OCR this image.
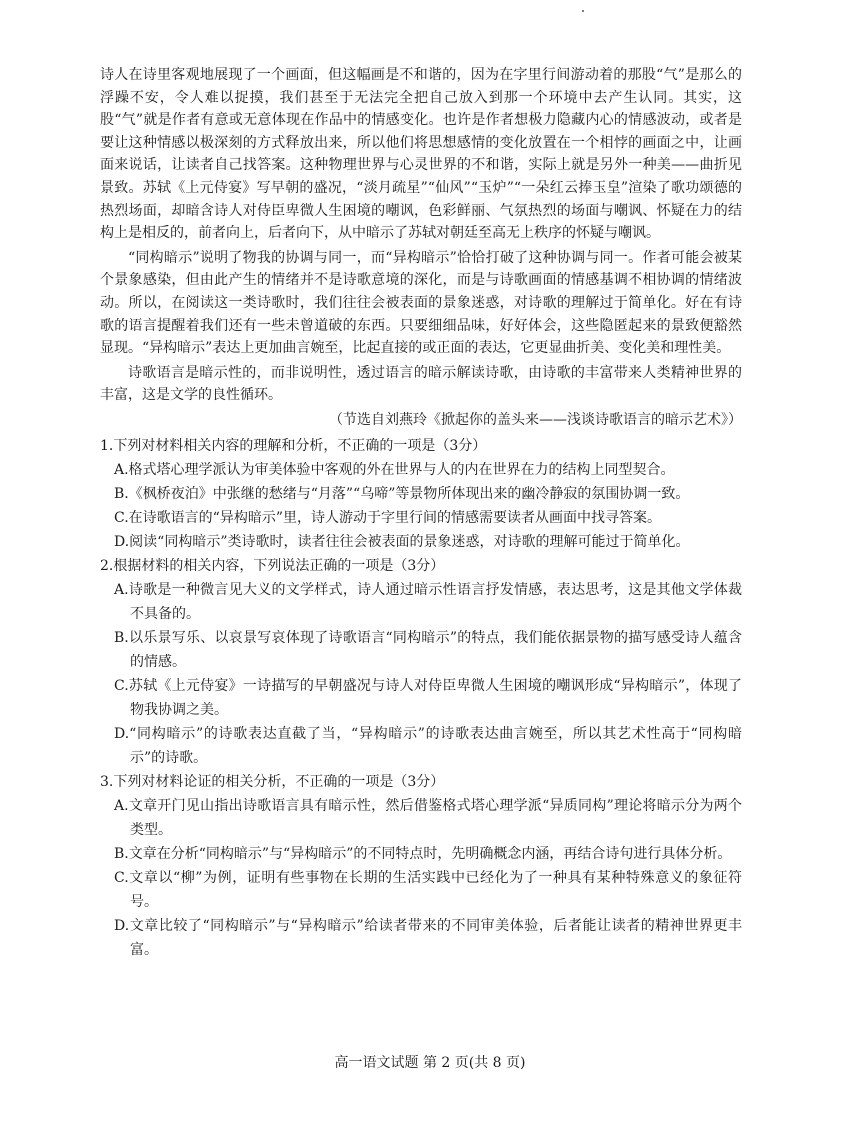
诗人在诗里客观地展现了一个画面，但这幅画是不和谐的，因为在字里行间游动着的那股“气”是那么的浮躁不安，令人难以捉摸，我们甚至于无法完全把自己放入到那一个环境中去产生认同。其实，这股“气”就是作者有意或无意体现在作品中的情感变化。也许是作者想极力隐藏内心的情感波动，或者是要让这种情感以极深刻的方式释放出来，所以他们将思想感情的变化放置在一个相悖的画面之中，让画面来说话，让读者自己找答案。这种物理世界与心灵世界的不和谐，实际上就是另外一种美——曲折见景致。苏轼《上元侍宴》写早朝的盛况，“淡月疏星”“仙风”“玉炉”“一朵红云捧玉皇”渲染了歌功颂德的热烈场面，却暗含诗人对侍臣卑微人生困境的嘲讽，色彩鲜丽、气氛热烈的场面与嘲讽、怀疑在力的结构上是相反的，前者向上，后者向下，从中暗示了苏轼对朝廷至高无上秩序的怀疑与嘲讽。

“同构暗示”说明了物我的协调与同一，而“异构暗示”恰恰打破了这种协调与同一。作者可能会被某个景象感染，但由此产生的情绪并不是诗歌意境的深化，而是与诗歌画面的情感基调不相协调的情绪波动。所以，在阅读这一类诗歌时，我们往往会被表面的景象迷惑，对诗歌的理解过于简单化。好在有诗歌的语言提醒着我们还有一些未曾道破的东西。只要细细品味，好好体会，这些隐匿起来的景致便豁然显现。“异构暗示”表达上更加曲言婉至，比起直接的或正面的表达，它更显曲折美、变化美和理性美。

诗歌语言是暗示性的，而非说明性，透过语言的暗示解读诗歌，由诗歌的丰富带来人类精神世界的丰富，这是文学的良性循环。

（节选自刘燕玲《掀起你的盖头来——浅谈诗歌语言的暗示艺术》）

1.下列对材料相关内容的理解和分析，不正确的一项是（3分）

A.格式塔心理学派认为审美体验中客观的外在世界与人的内在世界在力的结构上同型契合。

B.《枫桥夜泊》中张继的愁绪与“月落”“乌啼”等景物所体现出来的幽冷静寂的氛围协调一致。

C.在诗歌语言的“异构暗示”里，诗人游动于字里行间的情感需要读者从画面中找寻答案。

D.阅读“同构暗示”类诗歌时，读者往往会被表面的景象迷惑，对诗歌的理解可能过于简单化。

2.根据材料的相关内容，下列说法正确的一项是（3分）

A.诗歌是一种微言见大义的文学样式，诗人通过暗示性语言抒发情感，表达思考，这是其他文学体裁不具备的。

B.以乐景写乐、以哀景写哀体现了诗歌语言“同构暗示”的特点，我们能依据景物的描写感受诗人蕴含的情感。

C.苏轼《上元侍宴》一诗描写的早朝盛况与诗人对侍臣卑微人生困境的嘲讽形成“异构暗示”，体现了物我协调之美。

D.“同构暗示”的诗歌表达直截了当，“异构暗示”的诗歌表达曲言婉至，所以其艺术性高于“同构暗示”的诗歌。

3.下列对材料论证的相关分析，不正确的一项是（3分）

A.文章开门见山指出诗歌语言具有暗示性，然后借鉴格式塔心理学派“异质同构”理论将暗示分为两个类型。

B.文章在分析“同构暗示”与“异构暗示”的不同特点时，先明确概念内涵，再结合诗句进行具体分析。

C.文章以“柳”为例，证明有些事物在长期的生活实践中已经化为了一种具有某种特殊意义的象征符号。

D.文章比较了“同构暗示”与“异构暗示”给读者带来的不同审美体验，后者能让读者的精神世界更丰富。

高一语文试题 第 2 页(共 8 页)
